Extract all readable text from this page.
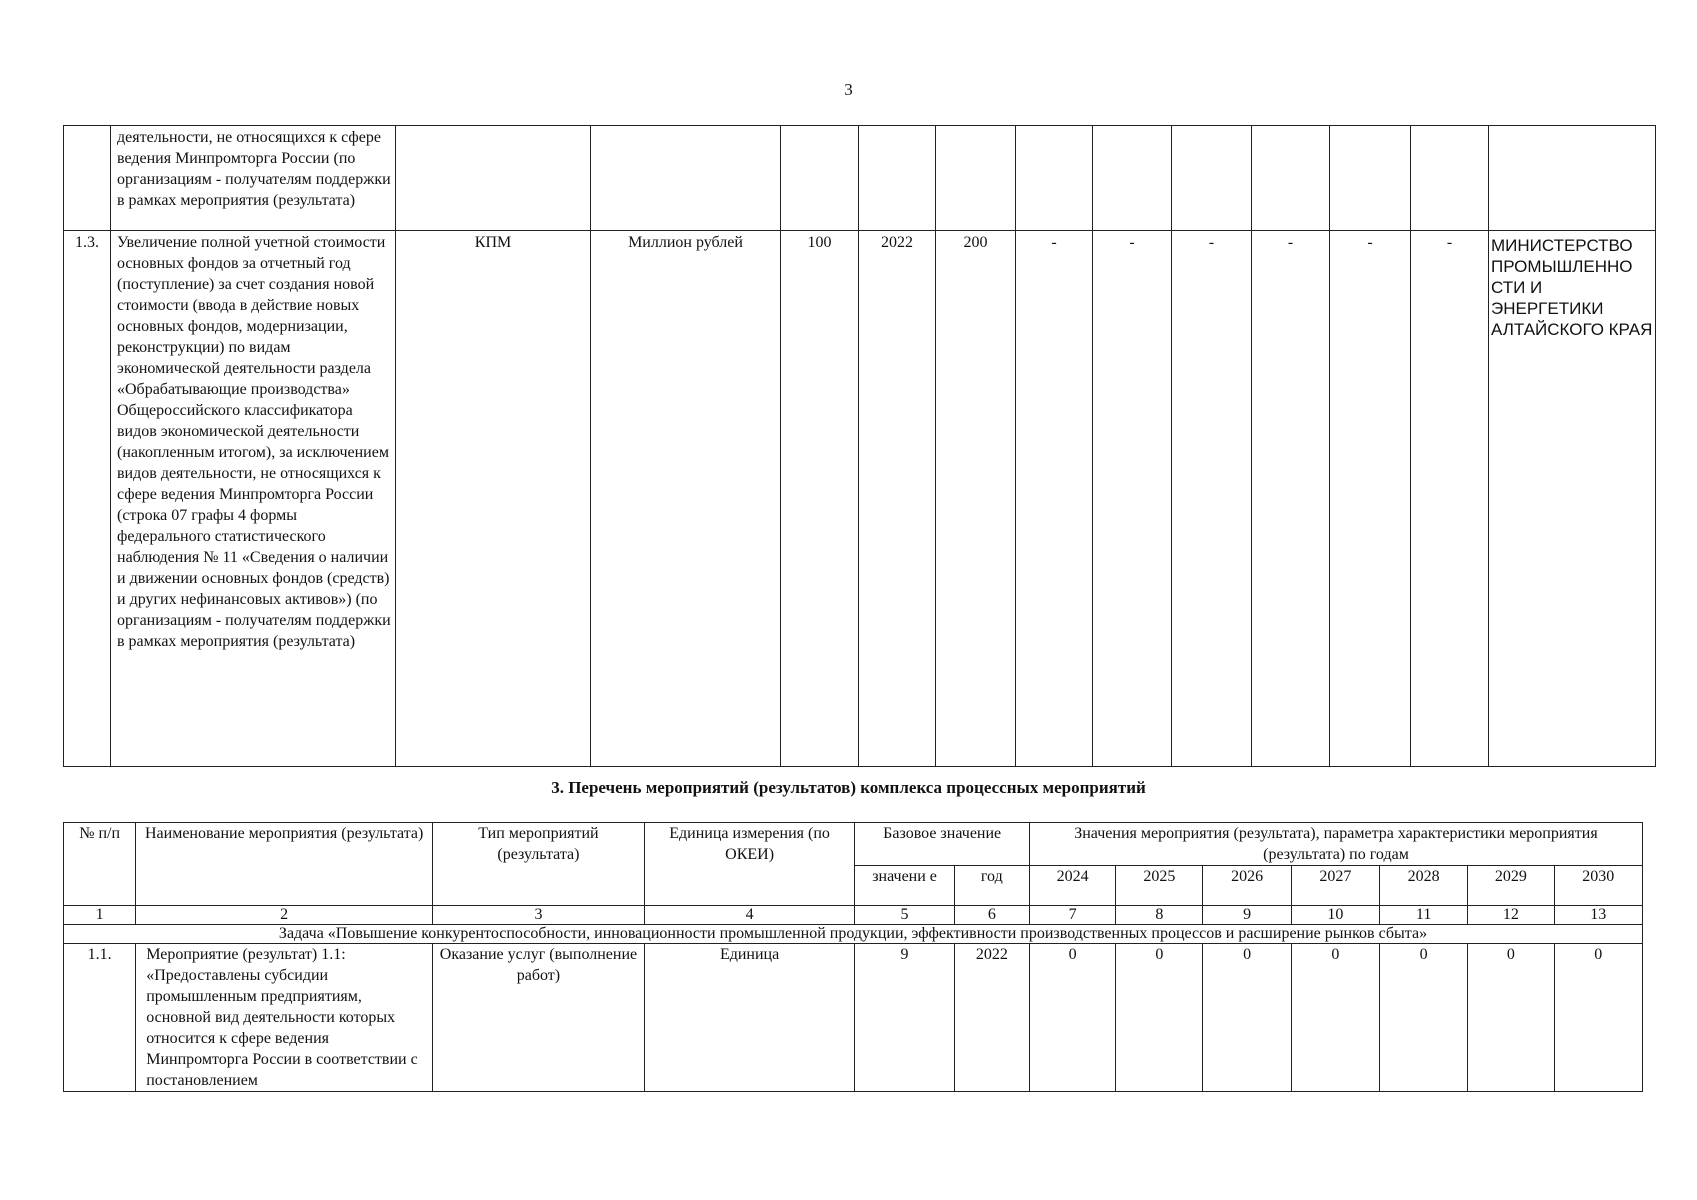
3
	деятельности, не относящихся к сфере ведения Минпромторга России (по организациям - получателям поддержки в рамках мероприятия (результата)												
1.3.	Увеличение полной учетной стоимости основных фондов за отчетный год (поступление) за счет создания новой стоимости (ввода в действие новых основных фондов, модернизации, реконструкции) по видам экономической деятельности раздела «Обрабатывающие производства» Общероссийского классификатора видов экономической деятельности (накопленным итогом), за исключением видов деятельности, не относящихся к сфере ведения Минпромторга России (строка 07 графы 4 формы федерального статистического наблюдения № 11 «Сведения о наличии и движении основных фондов (средств) и других нефинансовых активов») (по организациям - получателям поддержки в рамках мероприятия (результата)	КПМ	Миллион рублей	100	2022	200	-	-	-	-	-	-	МИНИСТЕРСТВО ПРОМЫШЛЕННО СТИ И ЭНЕРГЕТИКИ АЛТАЙСКОГО КРАЯ
3. Перечень мероприятий (результатов) комплекса процессных мероприятий
№ п/п	Наименование мероприятия (результата)	Тип мероприятий (результата)	Единица измерения (по ОКЕИ)	Базовое значение		Значения мероприятия (результата), параметра характеристики мероприятия (результата) по годам						
				значени е	год	2024	2025	2026	2027	2028	2029	2030
1	2	3	4	5	6	7	8	9	10	11	12	13
Задача «Повышение конкурентоспособности, инновационности промышленной продукции, эффективности производственных процессов и расширение рынков сбыта»												
1.1.	Мероприятие (результат) 1.1: «Предоставлены субсидии промышленным предприятиям, основной вид деятельности которых относится к сфере ведения Минпромторга России в соответствии с постановлением	Оказание услуг (выполнение работ)	Единица	9	2022	0	0	0	0	0	0	0
